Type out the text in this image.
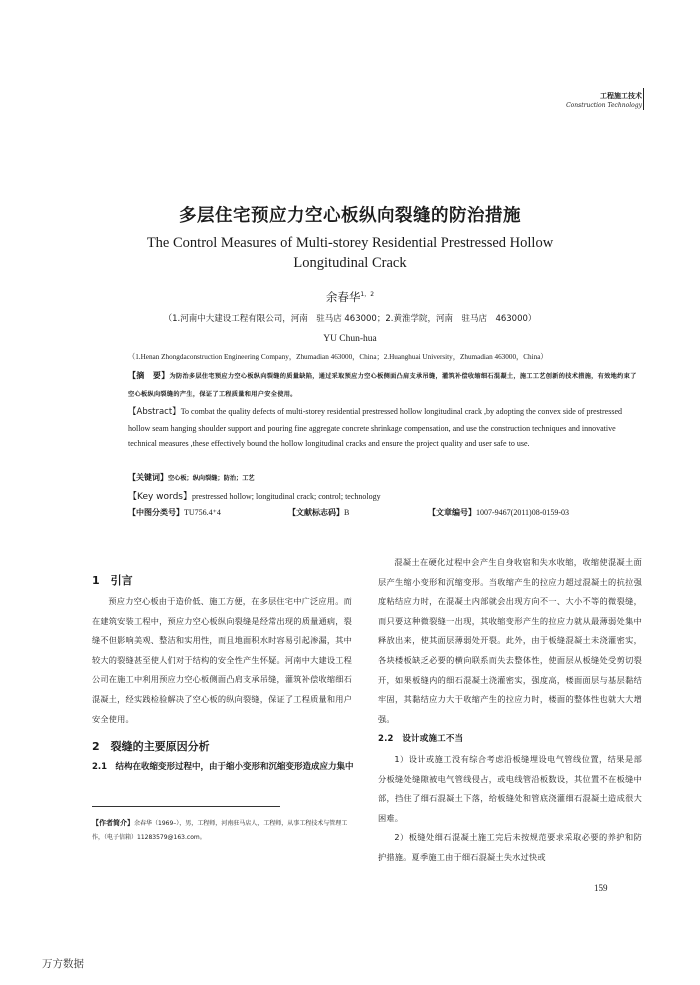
工程施工技术
Construction Technology
多层住宅预应力空心板纵向裂缝的防治措施
The Control Measures of Multi-storey Residential Prestressed Hollow Longitudinal Crack
余春华$^{1,2}$
（1.河南中大建设工程有限公司，河南　驻马店 463000；2.黄淮学院，河南　驻马店　463000）
YU Chun-hua
（1.Henan Zhongdaconstruction Engineering Company，Zhumadian 463000，China；2.Huanghuai University，Zhumadian 463000，China）
【摘　要】为防治多层住宅预应力空心板纵向裂缝的质量缺陷，通过采取预应力空心板侧面凸肩支承吊缝，灌筑补偿收缩细石混凝土，施工工艺创新的技术措施，有效地约束了空心板纵向裂缝的产生，保证了工程质量和用户安全使用。
【Abstract】To combat the quality defects of multi-storey residential prestressed hollow longitudinal crack ,by adopting the convex side of prestressed hollow seam hanging shoulder support and pouring fine aggregate concrete shrinkage compensation, and use the construction techniques and innovative technical measures ,these effectively bound the hollow longitudinal cracks and ensure the project quality and user safe to use.
【关键词】空心板；纵向裂缝；防治；工艺
【Key words】prestressed hollow; longitudinal crack; control; technology
【中图分类号】TU756.4⁺4	【文献标志码】B	【文章编号】1007-9467(2011)08-0159-03
1　引言

预应力空心板由于造价低、施工方便，在多层住宅中广泛应用。而在建筑安装工程中，预应力空心板纵向裂缝是经常出现的质量通病，裂缝不但影响美观、整洁和实用性，而且地面积水时容易引起渗漏，其中较大的裂缝甚至使人们对于结构的安全性产生怀疑。河南中大建设工程公司在施工中利用预应力空心板侧面凸肩支承吊缝，灌筑补偿收缩细石混凝土，经实践检验解决了空心板的纵向裂缝，保证了工程质量和用户安全使用。

2　裂缝的主要原因分析
2.1　结构在收缩变形过程中，由于缩小变形和沉缩变形造成应力集中
【作者简介】余春华（1969–），男，工程师，河南驻马店人，工程师，从事工程技术与管理工作，（电子信箱）11283579@163.com。

混凝土在硬化过程中会产生自身收宿和失水收缩，收缩使混凝土面层产生缩小变形和沉缩变形。当收缩产生的拉应力超过混凝土的抗拉强度粘结应力时，在混凝土内部就会出现方向不一、大小不等的微裂缝，而只要这种微裂缝一出现，其收缩变形产生的拉应力就从最薄弱处集中释放出来，使其面层薄弱处开裂。此外，由于板缝混凝土未浇灌密实，各块楼板缺乏必要的横向联系而失去整体性，使面层从板缝处受剪切裂开，如果板缝内的细石混凝土浇灌密实，强度高，楼面面层与基层黏结牢固，其黏结应力大于收缩产生的拉应力时，楼面的整体性也就大大增强。

2.2　设计或施工不当

1）设计或施工没有综合考虑沿板缝埋设电气管线位置，结果是部分板缝处缝隙被电气管线侵占，或电线管沿板数设，其位置不在板缝中部，挡住了细石混凝土下落，给板缝处和管底浇灌细石混凝土造成很大困难。

2）板缝处细石混凝土施工完后未按规范要求采取必要的养护和防护措施。夏季施工由于细石混凝土失水过快或

159
万方数据
